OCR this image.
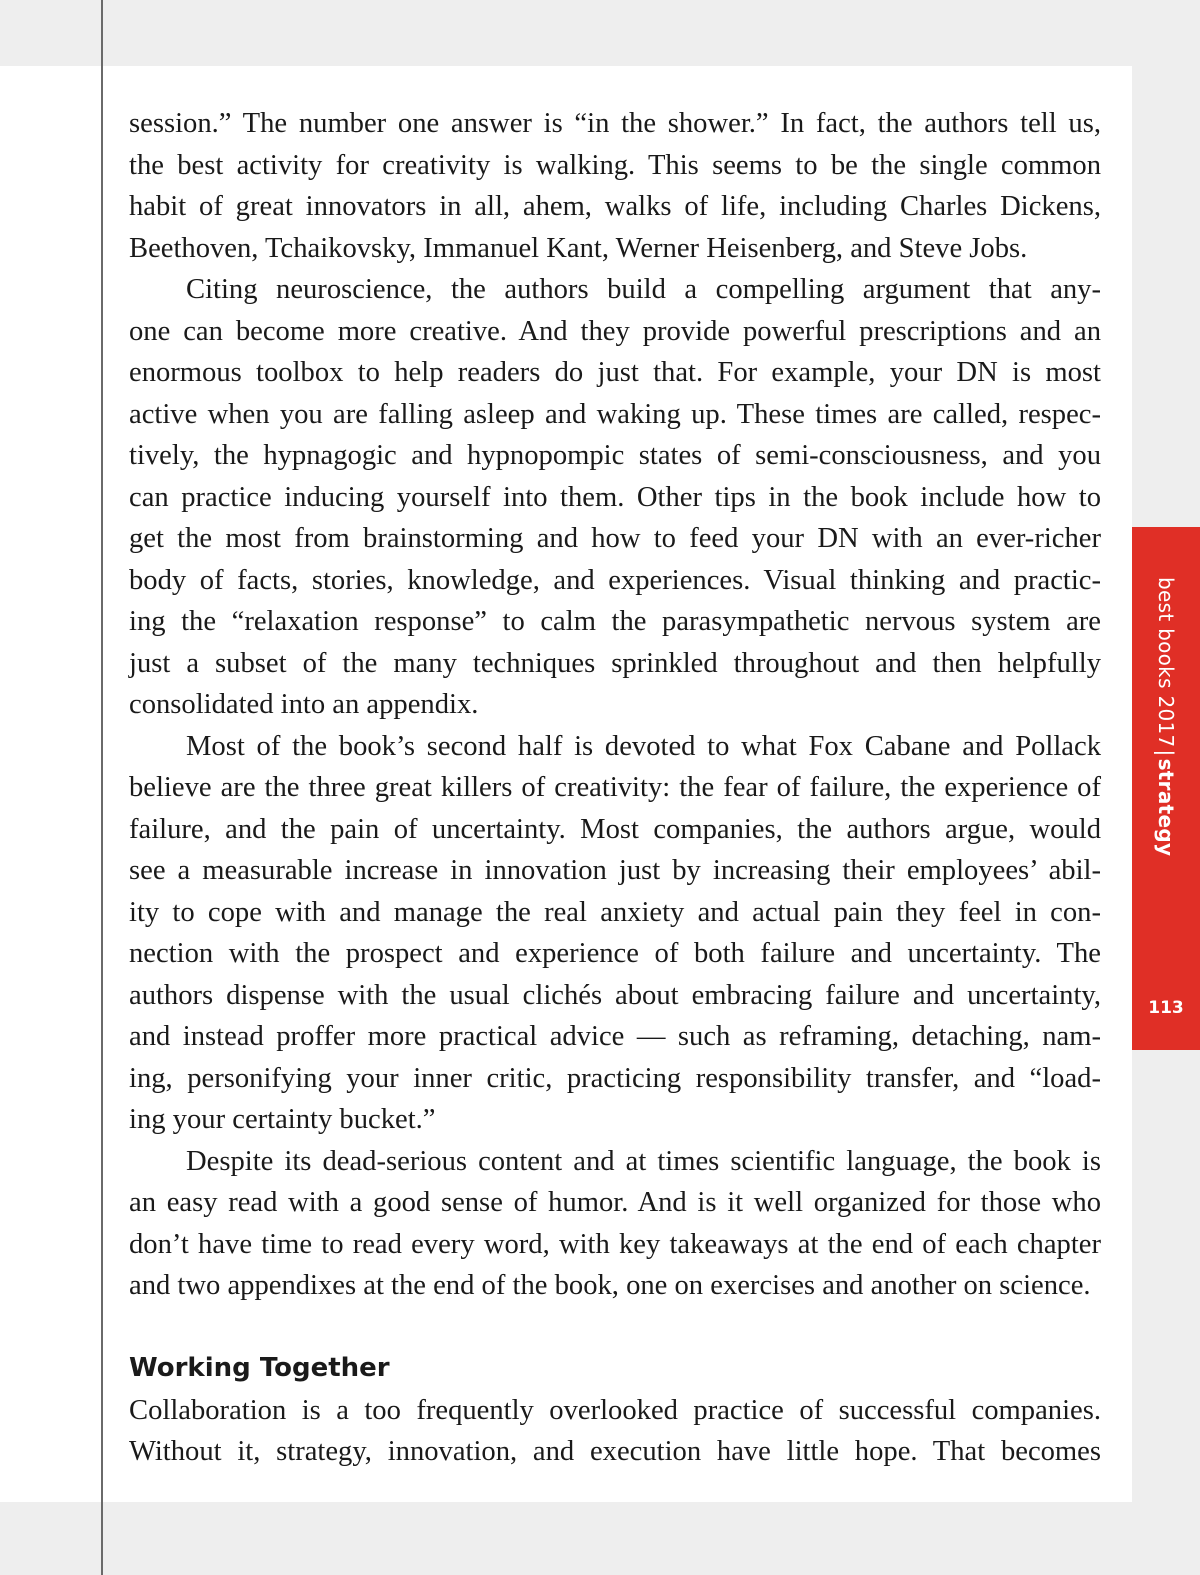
session.” The number one answer is “in the shower.” In fact, the authors tell us,

the best activity for creativity is walking. This seems to be the single common

habit of great innovators in all, ahem, walks of life, including Charles Dickens,

Beethoven, Tchaikovsky, Immanuel Kant, Werner Heisenberg, and Steve Jobs.

Citing neuroscience, the authors build a compelling argument that any-

one can become more creative. And they provide powerful prescriptions and an

enormous toolbox to help readers do just that. For example, your DN is most

active when you are falling asleep and waking up. These times are called, respec-

tively, the hypnagogic and hypnopompic states of semi-consciousness, and you

can practice inducing yourself into them. Other tips in the book include how to

get the most from brainstorming and how to feed your DN with an ever-richer

body of facts, stories, knowledge, and experiences. Visual thinking and practic-

ing the “relaxation response” to calm the parasympathetic nervous system are

just a subset of the many techniques sprinkled throughout and then helpfully

consolidated into an appendix.

Most of the book’s second half is devoted to what Fox Cabane and Pollack

believe are the three great killers of creativity: the fear of failure, the experience of

failure, and the pain of uncertainty. Most companies, the authors argue, would

see a measurable increase in innovation just by increasing their employees’ abil-

ity to cope with and manage the real anxiety and actual pain they feel in con-

nection with the prospect and experience of both failure and uncertainty. The

authors dispense with the usual clichés about embracing failure and uncertainty,

and instead proffer more practical advice — such as reframing, detaching, nam-

ing, personifying your inner critic, practicing responsibility transfer, and “load-

ing your certainty bucket.”

Despite its dead-serious content and at times scientific language, the book is

an easy read with a good sense of humor. And is it well organized for those who

don’t have time to read every word, with key takeaways at the end of each chapter

and two appendixes at the end of the book, one on exercises and another on science.

Working Together

Collaboration is a too frequently overlooked practice of successful companies.

Without it, strategy, innovation, and execution have little hope. That becomes

best books 2017|strategy
113
